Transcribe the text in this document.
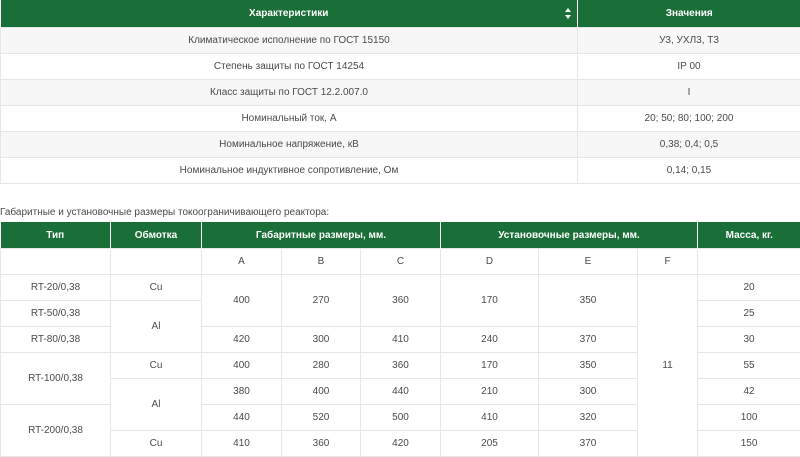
Характеристики	Значения
Климатическое исполнение по ГОСТ 15150	У3, УХЛ3, Т3
Степень защиты по ГОСТ 14254	IP 00
Класс защиты по ГОСТ 12.2.007.0	I
Номинальный ток, А	20; 50; 80; 100; 200
Номинальное напряжение, кВ	0,38; 0,4; 0,5
Номинальное индуктивное сопротивление, Ом	0,14; 0,15
Габаритные и установочные размеры токоограничивающего реактора:
Тип	Обмотка	Габаритные размеры, мм.			Установочные размеры, мм.			Масса, кг.
		A	B	C	D	E	F	
RT-20/0,38	Cu	400	270	360	170	350	11	20
RT-50/0,38	Al							25
RT-80/0,38		420	300	410	240	370		30
RT-100/0,38	Cu	400	280	360	170	350		55
	Al	380	400	440	210	300		42
RT-200/0,38		440	520	500	410	320		100
	Cu	410	360	420	205	370		150
